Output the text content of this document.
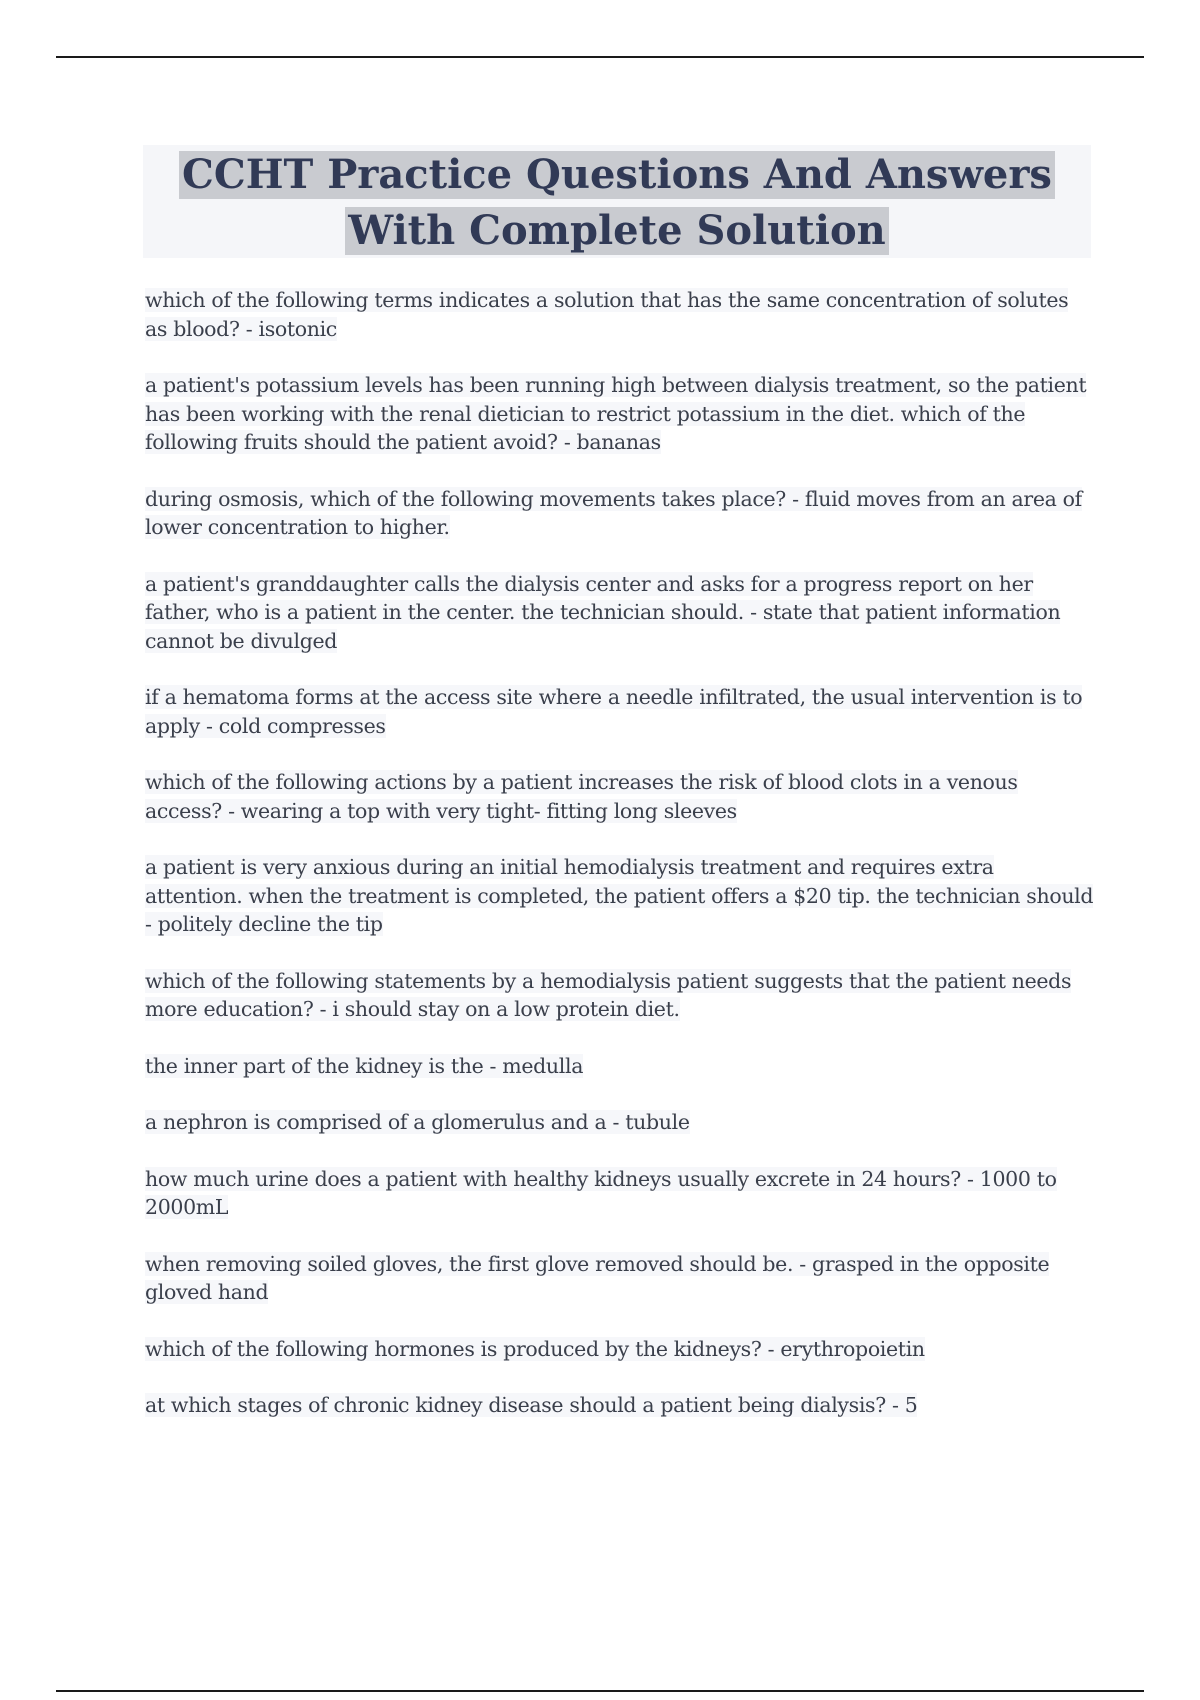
CCHT Practice Questions And Answers
With Complete Solution
which of the following terms indicates a solution that has the same concentration of solutes as blood? - isotonic
a patient's potassium levels has been running high between dialysis treatment, so the patient has been working with the renal dietician to restrict potassium in the diet. which of the following fruits should the patient avoid? - bananas
during osmosis, which of the following movements takes place? - fluid moves from an area of lower concentration to higher.
a patient's granddaughter calls the dialysis center and asks for a progress report on her father, who is a patient in the center. the technician should. - state that patient information cannot be divulged
if a hematoma forms at the access site where a needle infiltrated, the usual intervention is to apply - cold compresses
which of the following actions by a patient increases the risk of blood clots in a venous access? - wearing a top with very tight- fitting long sleeves
a patient is very anxious during an initial hemodialysis treatment and requires extra attention. when the treatment is completed, the patient offers a $20 tip. the technician should - politely decline the tip
which of the following statements by a hemodialysis patient suggests that the patient needs more education? - i should stay on a low protein diet.
the inner part of the kidney is the - medulla
a nephron is comprised of a glomerulus and a - tubule
how much urine does a patient with healthy kidneys usually excrete in 24 hours? - 1000 to 2000mL
when removing soiled gloves, the first glove removed should be. - grasped in the opposite gloved hand
which of the following hormones is produced by the kidneys? - erythropoietin
at which stages of chronic kidney disease should a patient being dialysis? - 5
